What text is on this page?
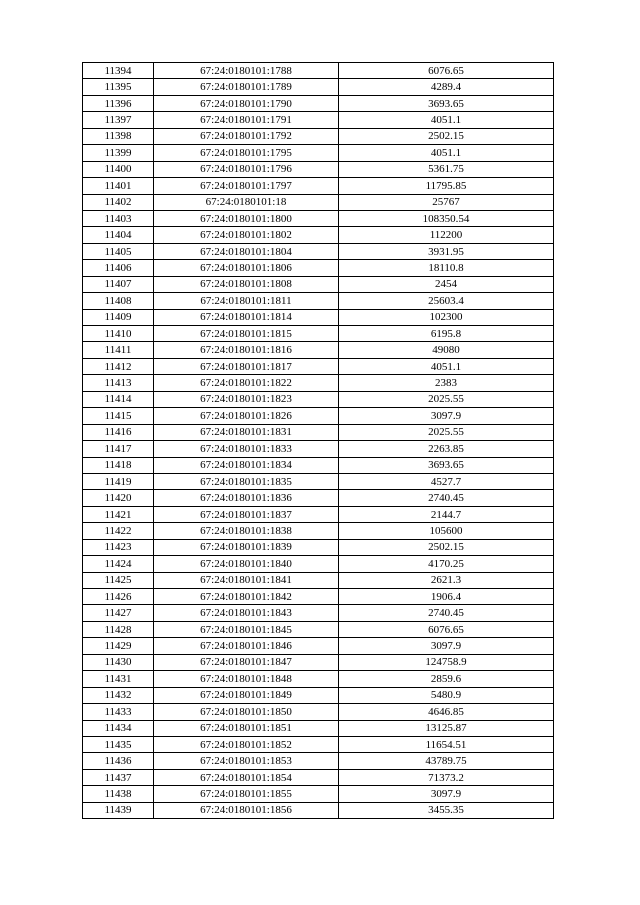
11394	67:24:0180101:1788	6076.65
11395	67:24:0180101:1789	4289.4
11396	67:24:0180101:1790	3693.65
11397	67:24:0180101:1791	4051.1
11398	67:24:0180101:1792	2502.15
11399	67:24:0180101:1795	4051.1
11400	67:24:0180101:1796	5361.75
11401	67:24:0180101:1797	11795.85
11402	67:24:0180101:18	25767
11403	67:24:0180101:1800	108350.54
11404	67:24:0180101:1802	112200
11405	67:24:0180101:1804	3931.95
11406	67:24:0180101:1806	18110.8
11407	67:24:0180101:1808	2454
11408	67:24:0180101:1811	25603.4
11409	67:24:0180101:1814	102300
11410	67:24:0180101:1815	6195.8
11411	67:24:0180101:1816	49080
11412	67:24:0180101:1817	4051.1
11413	67:24:0180101:1822	2383
11414	67:24:0180101:1823	2025.55
11415	67:24:0180101:1826	3097.9
11416	67:24:0180101:1831	2025.55
11417	67:24:0180101:1833	2263.85
11418	67:24:0180101:1834	3693.65
11419	67:24:0180101:1835	4527.7
11420	67:24:0180101:1836	2740.45
11421	67:24:0180101:1837	2144.7
11422	67:24:0180101:1838	105600
11423	67:24:0180101:1839	2502.15
11424	67:24:0180101:1840	4170.25
11425	67:24:0180101:1841	2621.3
11426	67:24:0180101:1842	1906.4
11427	67:24:0180101:1843	2740.45
11428	67:24:0180101:1845	6076.65
11429	67:24:0180101:1846	3097.9
11430	67:24:0180101:1847	124758.9
11431	67:24:0180101:1848	2859.6
11432	67:24:0180101:1849	5480.9
11433	67:24:0180101:1850	4646.85
11434	67:24:0180101:1851	13125.87
11435	67:24:0180101:1852	11654.51
11436	67:24:0180101:1853	43789.75
11437	67:24:0180101:1854	71373.2
11438	67:24:0180101:1855	3097.9
11439	67:24:0180101:1856	3455.35
